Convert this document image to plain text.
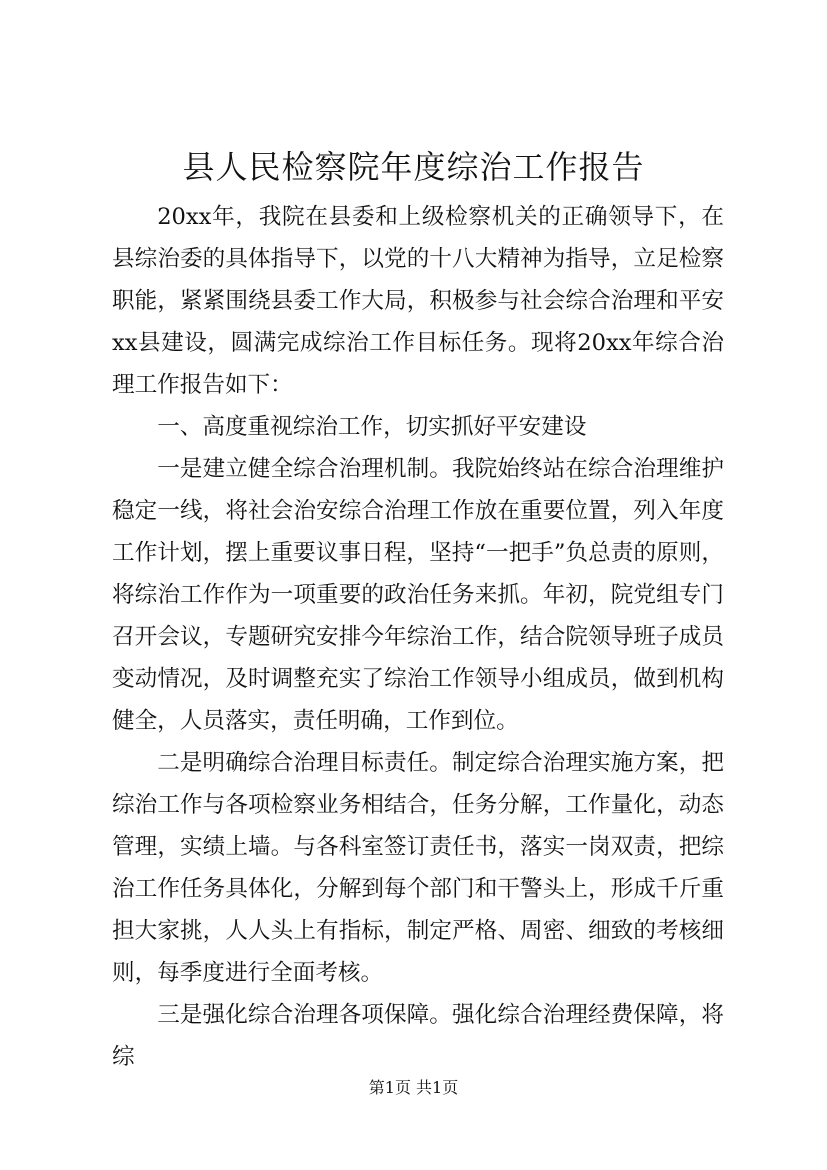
县人民检察院年度综治工作报告

20xx年，我院在县委和上级检察机关的正确领导下，在县综治委的具体指导下，以党的十八大精神为指导，立足检察职能，紧紧围绕县委工作大局，积极参与社会综合治理和平安xx县建设，圆满完成综治工作目标任务。现将20xx年综合治理工作报告如下：

一、高度重视综治工作，切实抓好平安建设

一是建立健全综合治理机制。我院始终站在综合治理维护稳定一线，将社会治安综合治理工作放在重要位置，列入年度工作计划，摆上重要议事日程，坚持“一把手”负总责的原则，将综治工作作为一项重要的政治任务来抓。年初，院党组专门召开会议，专题研究安排今年综治工作，结合院领导班子成员变动情况，及时调整充实了综治工作领导小组成员，做到机构健全，人员落实，责任明确，工作到位。

二是明确综合治理目标责任。制定综合治理实施方案，把综治工作与各项检察业务相结合，任务分解，工作量化，动态管理，实绩上墙。与各科室签订责任书，落实一岗双责，把综治工作任务具体化，分解到每个部门和干警头上，形成千斤重担大家挑，人人头上有指标，制定严格、周密、细致的考核细则，每季度进行全面考核。

三是强化综合治理各项保障。强化综合治理经费保障，将综

第1页 共1页
